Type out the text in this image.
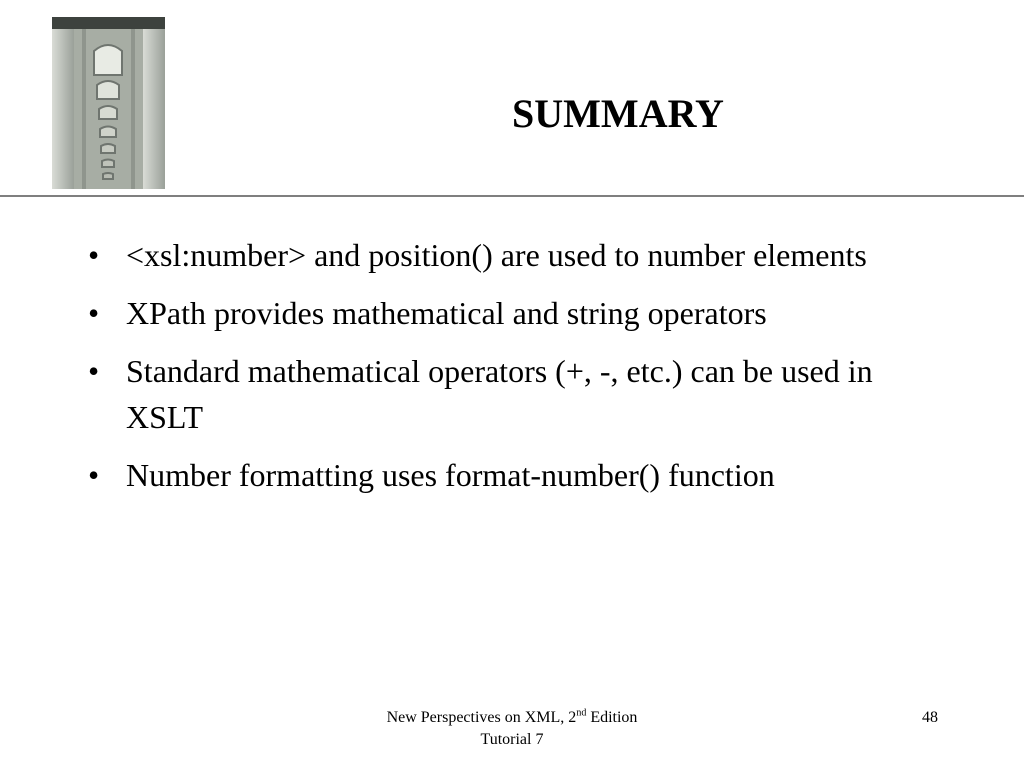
SUMMARY
• <xsl:number> and position() are used to number elements
• XPath provides mathematical and string operators
• Standard mathematical operators (+, -, etc.) can be used in XSLT
• Number formatting uses format-number() function
New Perspectives on XML, 2nd Edition
Tutorial 7
48
